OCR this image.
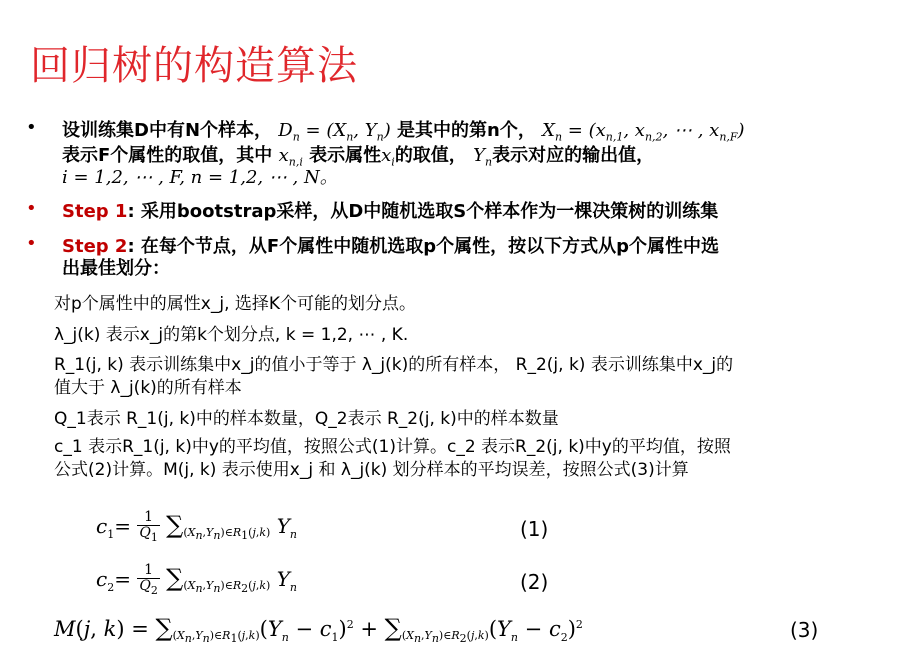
回归树的构造算法
• 设训练集D中有N个样本， $D_n = (X_n$, $Y_n$) 是其中的第n个， $X_n = (x_{n,1}$, $x_{n,2}$, ⋯ , $x_{n,F}$)
表示F个属性的取值，其中 $x_{n,i}$ 表示属性$x_i$的取值， $Y_n$表示对应的输出值，
i = 1,2, ⋯ , F, n = 1,2, ⋯ , N。
• Step 1: 采用bootstrap采样，从D中随机选取S个样本作为一棵决策树的训练集
• Step 2: 在每个节点，从F个属性中随机选取p个属性，按以下方式从p个属性中选
出最佳划分：
对p个属性中的属性x_j, 选择K个可能的划分点。
λ_j(k) 表示x_j的第k个划分点, k = 1,2, ⋯ , K.
R_1(j, k) 表示训练集中x_j的值小于等于 λ_j(k)的所有样本， R_2(j, k) 表示训练集中x_j的
值大于 λ_j(k)的所有样本
Q_1表示 R_1(j, k)中的样本数量，Q_2表示 R_2(j, k)中的样本数量
c_1 表示R_1(j, k)中y的平均值，按照公式(1)计算。c_2 表示R_2(j, k)中y的平均值，按照
公式(2)计算。M(j, k) 表示使用x_j 和 λ_j(k) 划分样本的平均误差，按照公式(3)计算
$c_1= \frac{1}{Q_1} \sum_{(X_n,Y_n)\in R_1(j,k)}$ $Y_n$	(1)
$c_2= \frac{1}{Q_2} \sum_{(X_n,Y_n)\in R_2(j,k)}$ $Y_n$	(2)
M(j, $k) = \sum_{(X_n,Y_n)\in R_1(j,k)}(Y_n - c_1)^2 + \sum_{(X_n,Y_n)\in R_2(j,k)}(Y_n - c_2)^2$	(3)
